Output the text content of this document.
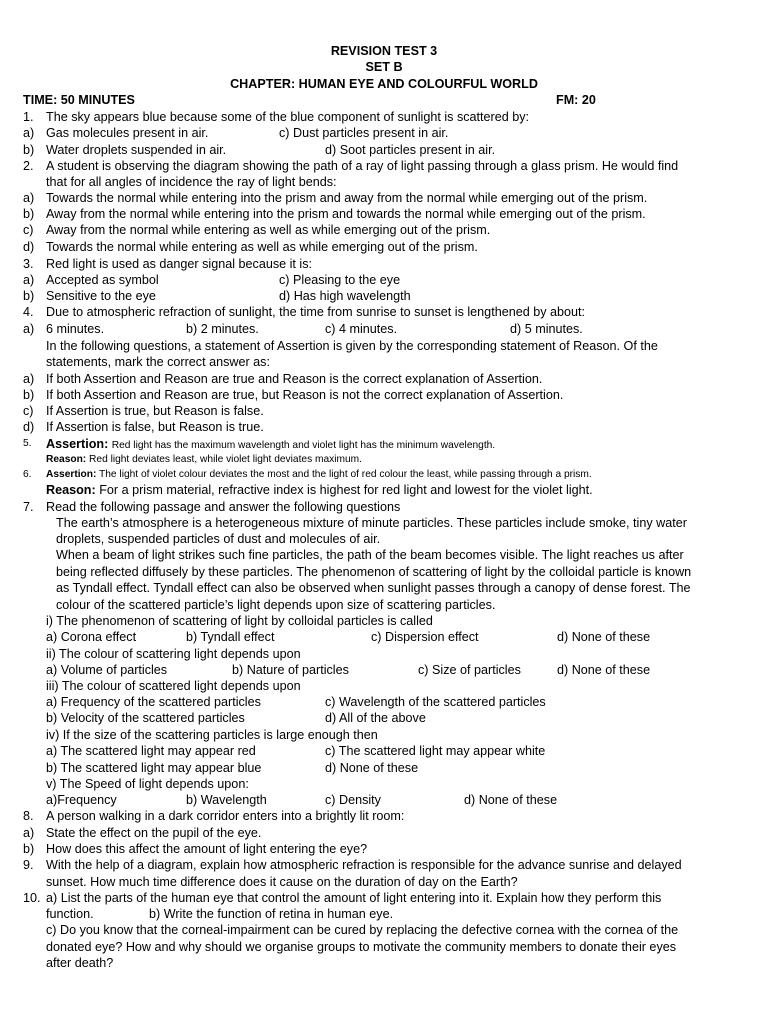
REVISION TEST 3
SET B
CHAPTER: HUMAN EYE AND COLOURFUL WORLD
TIME: 50 MINUTES	FM: 20
1. The sky appears blue because some of the blue component of sunlight is scattered by:
a) Gas molecules present in air.	c) Dust particles present in air.
b) Water droplets suspended in air.	d) Soot particles present in air.
2. A student is observing the diagram showing the path of a ray of light passing through a glass prism. He would find
that for all angles of incidence the ray of light bends:
a) Towards the normal while entering into the prism and away from the normal while emerging out of the prism.
b) Away from the normal while entering into the prism and towards the normal while emerging out of the prism.
c) Away from the normal while entering as well as while emerging out of the prism.
d) Towards the normal while entering as well as while emerging out of the prism.
3. Red light is used as danger signal because it is:
a) Accepted as symbol	c) Pleasing to the eye
b) Sensitive to the eye	d) Has high wavelength
4. Due to atmospheric refraction of sunlight, the time from sunrise to sunset is lengthened by about:
a) 6 minutes.	b) 2 minutes.	c) 4 minutes.	d) 5 minutes.
In the following questions, a statement of Assertion is given by the corresponding statement of Reason. Of the
statements, mark the correct answer as:
a) If both Assertion and Reason are true and Reason is the correct explanation of Assertion.
b) If both Assertion and Reason are true, but Reason is not the correct explanation of Assertion.
c) If Assertion is true, but Reason is false.
d) If Assertion is false, but Reason is true.
5. Assertion: Red light has the maximum wavelength and violet light has the minimum wavelength.
Reason: Red light deviates least, while violet light deviates maximum.
6. Assertion: The light of violet colour deviates the most and the light of red colour the least, while passing through a prism.
Reason: For a prism material, refractive index is highest for red light and lowest for the violet light.
7. Read the following passage and answer the following questions
The earth’s atmosphere is a heterogeneous mixture of minute particles. These particles include smoke, tiny water
droplets, suspended particles of dust and molecules of air.
When a beam of light strikes such fine particles, the path of the beam becomes visible. The light reaches us after
being reflected diffusely by these particles. The phenomenon of scattering of light by the colloidal particle is known
as Tyndall effect. Tyndall effect can also be observed when sunlight passes through a canopy of dense forest. The
colour of the scattered particle’s light depends upon size of scattering particles.
i) The phenomenon of scattering of light by colloidal particles is called
a) Corona effect	b) Tyndall effect	c) Dispersion effect	d) None of these
ii) The colour of scattering light depends upon
a) Volume of particles	b) Nature of particles	c) Size of particles	d) None of these
iii) The colour of scattered light depends upon
a) Frequency of the scattered particles	c) Wavelength of the scattered particles
b) Velocity of the scattered particles	d) All of the above
iv) If the size of the scattering particles is large enough then
a) The scattered light may appear red	c) The scattered light may appear white
b) The scattered light may appear blue	d) None of these
v) The Speed of light depends upon:
a)Frequency	b) Wavelength	c) Density	d) None of these
8. A person walking in a dark corridor enters into a brightly lit room:
a) State the effect on the pupil of the eye.
b) How does this affect the amount of light entering the eye?
9. With the help of a diagram, explain how atmospheric refraction is responsible for the advance sunrise and delayed
sunset. How much time difference does it cause on the duration of day on the Earth?
10. a) List the parts of the human eye that control the amount of light entering into it. Explain how they perform this
function.	b) Write the function of retina in human eye.
c) Do you know that the corneal-impairment can be cured by replacing the defective cornea with the cornea of the
donated eye? How and why should we organise groups to motivate the community members to donate their eyes
after death?
